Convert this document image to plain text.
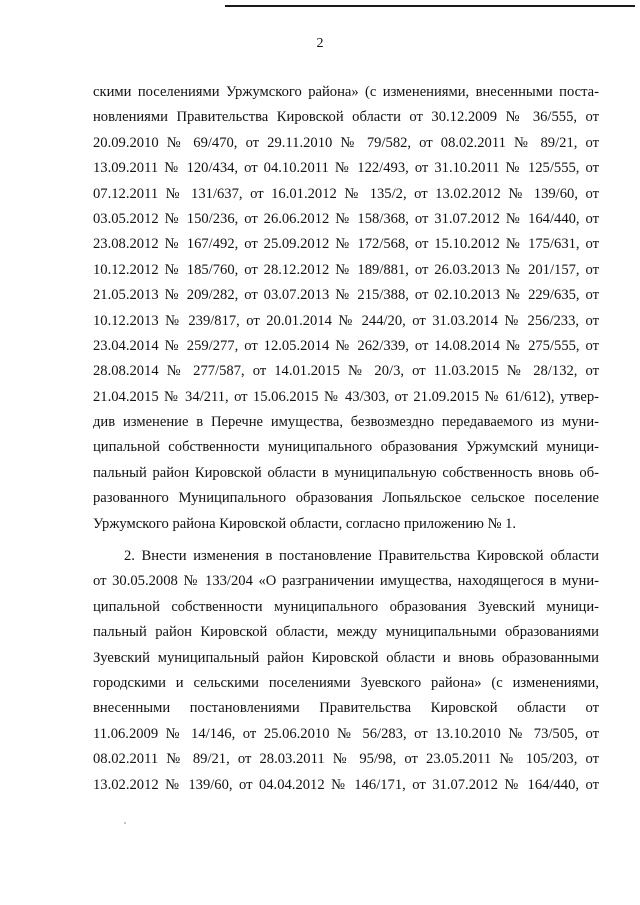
2
скими поселениями Уржумского района» (с изменениями, внесенными поста-
новлениями Правительства Кировской области от 30.12.2009 № 36/555, от
20.09.2010 № 69/470, от 29.11.2010 № 79/582, от 08.02.2011 № 89/21, от
13.09.2011 № 120/434, от 04.10.2011 № 122/493, от 31.10.2011 № 125/555, от
07.12.2011 № 131/637, от 16.01.2012 № 135/2, от 13.02.2012 № 139/60, от
03.05.2012 № 150/236, от 26.06.2012 № 158/368, от 31.07.2012 № 164/440, от
23.08.2012 № 167/492, от 25.09.2012 № 172/568, от 15.10.2012 № 175/631, от
10.12.2012 № 185/760, от 28.12.2012 № 189/881, от 26.03.2013 № 201/157, от
21.05.2013 № 209/282, от 03.07.2013 № 215/388, от 02.10.2013 № 229/635, от
10.12.2013 № 239/817, от 20.01.2014 № 244/20, от 31.03.2014 № 256/233, от
23.04.2014 № 259/277, от 12.05.2014 № 262/339, от 14.08.2014 № 275/555, от
28.08.2014 № 277/587, от 14.01.2015 № 20/3, от 11.03.2015 № 28/132, от
21.04.2015 № 34/211, от 15.06.2015 № 43/303, от 21.09.2015 № 61/612), утвер-
див изменение в Перечне имущества, безвозмездно передаваемого из муни-
ципальной собственности муниципального образования Уржумский муници-
пальный район Кировской области в муниципальную собственность вновь об-
разованного Муниципального образования Лопьяльское сельское поселение
Уржумского района Кировской области, согласно приложению № 1.
2. Внести изменения в постановление Правительства Кировской области
от 30.05.2008 № 133/204 «О разграничении имущества, находящегося в муни-
ципальной собственности муниципального образования Зуевский муници-
пальный район Кировской области, между муниципальными образованиями
Зуевский муниципальный район Кировской области и вновь образованными
городскими и сельскими поселениями Зуевского района» (с изменениями,
внесенными постановлениями Правительства Кировской области от
11.06.2009 № 14/146, от 25.06.2010 № 56/283, от 13.10.2010 № 73/505, от
08.02.2011 № 89/21, от 28.03.2011 № 95/98, от 23.05.2011 № 105/203, от
13.02.2012 № 139/60, от 04.04.2012 № 146/171, от 31.07.2012 № 164/440, от
